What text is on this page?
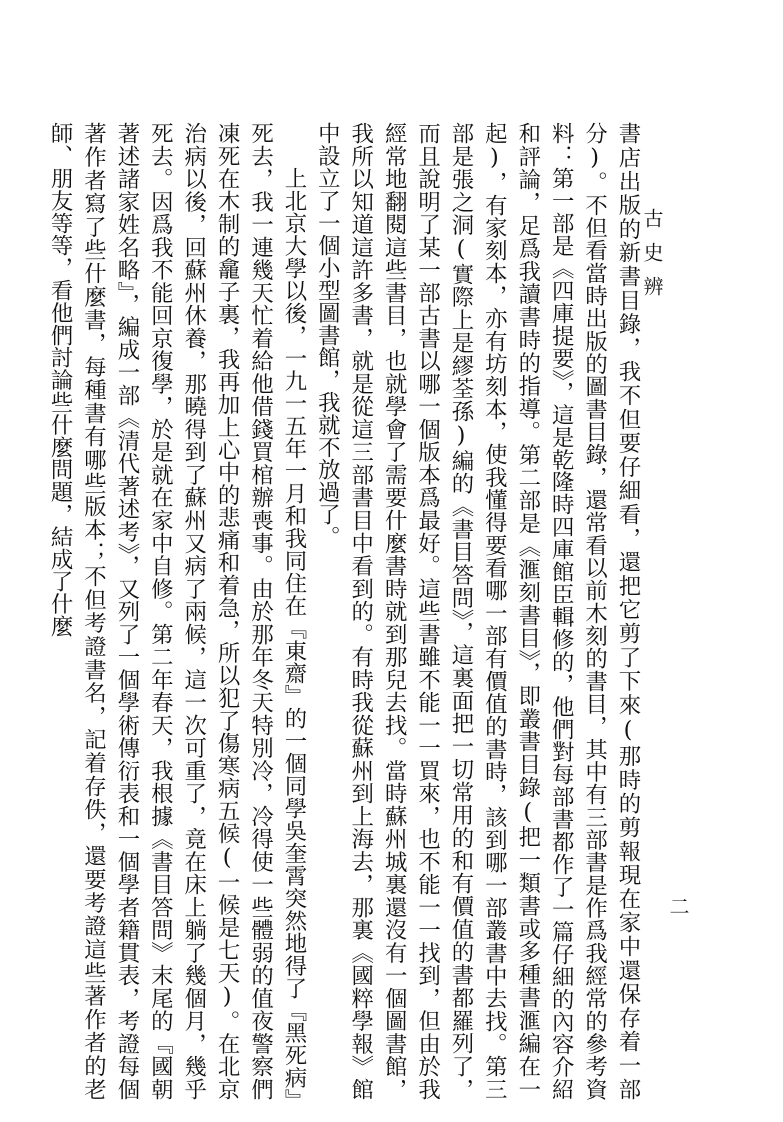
古史辨
二

書店出版的新書目錄，我不但要仔細看，還把它剪了下來(那時的剪報現在家中還保存着一部分)。不但看當時出版的圖書目錄，還常看以前木刻的書目，其中有三部書是作爲我經常的參考資料：第一部是《四庫提要》，這是乾隆時四庫館臣輯修的，他們對每部書都作了一篇仔細的內容介紹和評論，足爲我讀書時的指導。第二部是《滙刻書目》，即叢書目錄(把一類書或多種書滙編在一起)，有家刻本，亦有坊刻本，使我懂得要看哪一部有價值的書時，該到哪一部叢書中去找。第三部是張之洞(實際上是繆荃孫)編的《書目答問》，這裏面把一切常用的和有價值的書都羅列了，而且說明了某一部古書以哪一個版本爲最好。這些書雖不能一一買來，也不能一一找到，但由於我經常地翻閱這些書目，也就學會了需要什麼書時就到那兒去找。當時蘇州城裏還沒有一個圖書館，我所以知道這許多書，就是從這三部書目中看到的。有時我從蘇州到上海去，那裏《國粹學報》館中設立了一個小型圖書館，我就不放過了。

上北京大學以後，一九一五年一月和我同住在『東齋』的一個同學吳奎霄突然地得了『黑死病』死去，我一連幾天忙着給他借錢買棺辦喪事。由於那年冬天特別冷，冷得使一些體弱的值夜警察們凍死在木制的龕子裏，我再加上心中的悲痛和着急，所以犯了傷寒病五候(一候是七天)。在北京治病以後，回蘇州休養，那曉得到了蘇州又病了兩候，這一次可重了，竟在床上躺了幾個月，幾乎死去。因爲我不能回京復學，於是就在家中自修。第二年春天，我根據《書目答問》末尾的『國朝著述諸家姓名略』，編成一部《清代著述考》，又列了一個學術傳衍表和一個學者籍貫表，考證每個著作者寫了些什麼書，每種書有哪些版本；不但考證書名，記着存佚，還要考證這些著作者的老師、朋友等等，看他們討論些什麼問題，結成了什麼
